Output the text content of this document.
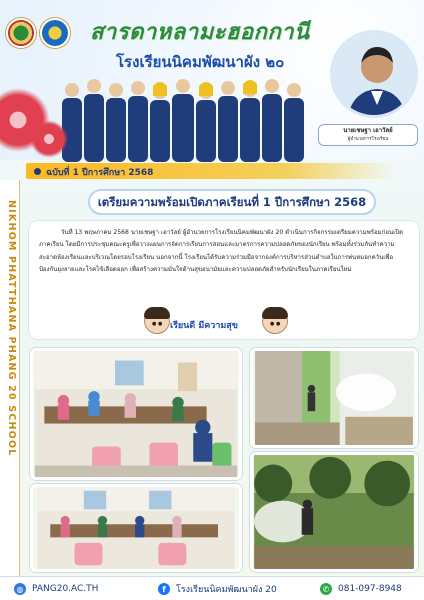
สารดาหลามะฮอกกานี
โรงเรียนนิคมพัฒนาผัง ๒๐
นายเชษฐา เอาวัลย์
ผู้อำนวยการโรงเรียน
ฉบับที่ 1 ปีการศึกษา 2568
NIKHOM PHATTHANA PHANG 20 SCHOOL	เตรียมความพร้อมเปิดภาคเรียนที่ 1 ปีการศึกษา 2568

วันที่ 13 พฤษภาคม 2568 นายเชษฐา เอาวัลย์ ผู้อำนวยการโรงเรียนนิคมพัฒนาผัง 20 ดำเนินการกิจกรรมเตรียมความพร้อมก่อนเปิดภาคเรียน โดยมีการประชุมคณะครูเพื่อวางแผนการจัดการเรียนการสอนและมาตรการความปลอดภัยของนักเรียน พร้อมทั้งร่วมกันทำความสะอาดห้องเรียนและบริเวณโดยรอบโรงเรียน นอกจากนี้ โรงเรียนได้รับความร่วมมือจากองค์การบริหารส่วนตำบลในการพ่นหมอกควันเพื่อป้องกันยุงลายและโรคไข้เลือดออก เพื่อสร้างความมั่นใจด้านสุขอนามัยและความปลอดภัยสำหรับนักเรียนในภาคเรียนใหม่

● ● เรียนดี มีความสุข	● ●
◍ PANG20.AC.TH	f	โรงเรียนนิคมพัฒนาผัง 20	✆ 081-097-8948
